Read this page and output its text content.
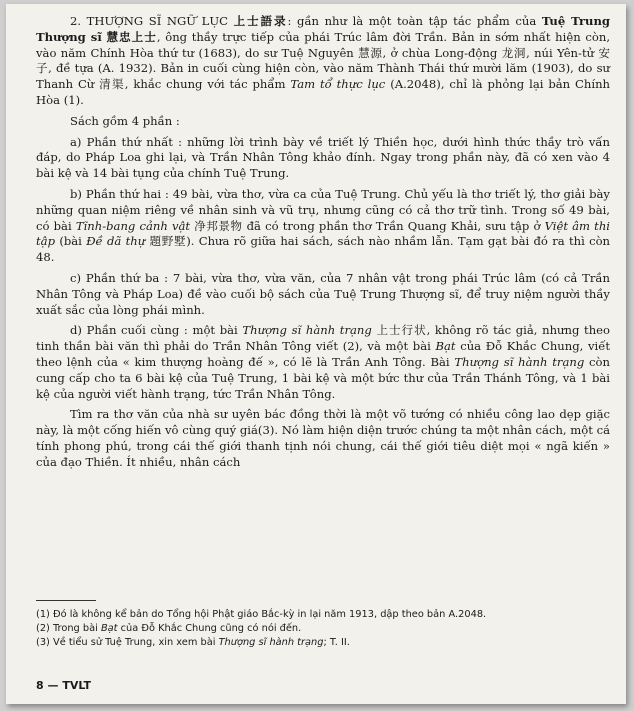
2. THƯỢNG SĨ NGỮ LỤC 上士語录: gần như là một toàn tập tác phẩm của Tuệ Trung Thượng sĩ 慧忠上士, ông thầy trực tiếp của phái Trúc lâm đời Trần. Bản in sớm nhất hiện còn, vào năm Chính Hòa thứ tư (1683), do sư Tuệ Nguyên 慧源, ở chùa Long-động 龙洞, núi Yên-tử 安子, đề tựa (A. 1932). Bản in cuối cùng hiện còn, vào năm Thành Thái thứ mười lăm (1903), do sư Thanh Cừ 清渠, khắc chung với tác phẩm Tam tổ thực lục (A.2048), chỉ là phỏng lại bản Chính Hòa (1).

Sách gồm 4 phần :

a) Phần thứ nhất : những lời trình bày về triết lý Thiền học, dưới hình thức thầy trò vấn đáp, do Pháp Loa ghi lại, và Trần Nhân Tông khảo đính. Ngay trong phần này, đã có xen vào 4 bài kệ và 14 bài tụng của chính Tuệ Trung.

b) Phần thứ hai : 49 bài, vừa thơ, vừa ca của Tuệ Trung. Chủ yếu là thơ triết lý, thơ giải bày những quan niệm riêng về nhân sinh và vũ trụ, nhưng cũng có cả thơ trữ tình. Trong số 49 bài, có bài Tĩnh-bang cảnh vật 净邦景物 đã có trong phần thơ Trần Quang Khải, sưu tập ở Việt âm thi tập (bài Đề dã thự 題野墅). Chưa rõ giữa hai sách, sách nào nhầm lẫn. Tạm gạt bài đó ra thì còn 48.

c) Phần thứ ba : 7 bài, vừa thơ, vừa văn, của 7 nhân vật trong phái Trúc lâm (có cả Trần Nhân Tông và Pháp Loa) đề vào cuối bộ sách của Tuệ Trung Thượng sĩ, để truy niệm người thầy xuất sắc của lòng phái mình.

d) Phần cuối cùng : một bài Thượng sĩ hành trạng 上士行状, không rõ tác giả, nhưng theo tinh thần bài văn thì phải do Trần Nhân Tông viết (2), và một bài Bạt của Đỗ Khắc Chung, viết theo lệnh của « kim thượng hoàng đế », có lẽ là Trần Anh Tông. Bài Thượng sĩ hành trạng còn cung cấp cho ta 6 bài kệ của Tuệ Trung, 1 bài kệ và một bức thư của Trần Thánh Tông, và 1 bài kệ của người viết hành trạng, tức Trần Nhân Tông.

Tìm ra thơ văn của nhà sư uyên bác đồng thời là một võ tướng có nhiều công lao dẹp giặc này, là một cống hiến vô cùng quý giá(3). Nó làm hiện diện trước chúng ta một nhân cách, một cá tính phong phú, trong cái thế giới thanh tịnh nói chung, cái thế giới tiêu diệt mọi « ngã kiến » của đạo Thiền. Ít nhiều, nhân cách

(1) Đó là không kể bản do Tổng hội Phật giáo Bắc-kỳ in lại năm 1913, dập theo bản A.2048.
(2) Trong bài Bạt của Đỗ Khắc Chung cũng có nói đến.
(3) Về tiểu sử Tuệ Trung, xin xem bài Thượng sĩ hành trạng; T. II.
8 — TVLT
